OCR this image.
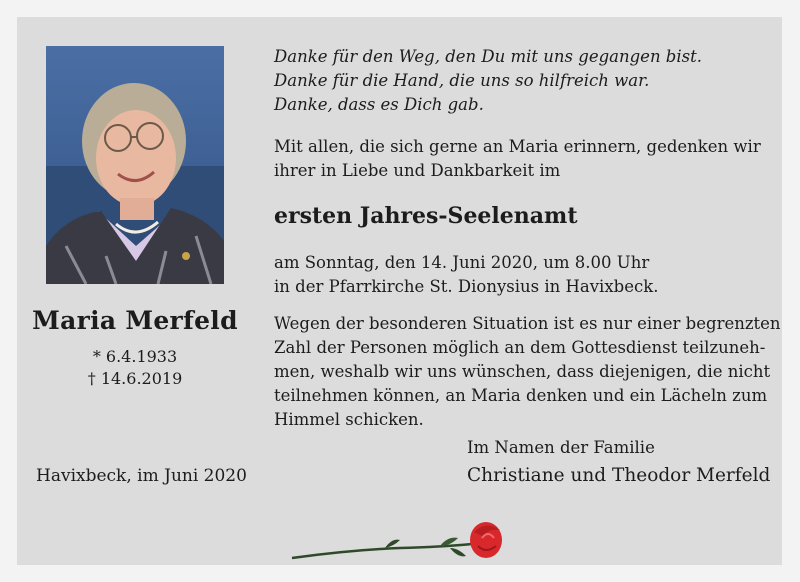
Maria Merfeld
* 6.4.1933
† 14.6.2019
Havixbeck, im Juni 2020
Danke für den Weg, den Du mit uns gegangen bist.
Danke für die Hand, die uns so hilfreich war.
Danke, dass es Dich gab.
Mit allen, die sich gerne an Maria erinnern, gedenken wir
ihrer in Liebe und Dankbarkeit im
ersten Jahres-Seelenamt
am Sonntag, den 14. Juni 2020, um 8.00 Uhr
in der Pfarrkirche St. Dionysius in Havixbeck.
Wegen der besonderen Situation ist es nur einer begrenzten
Zahl der Personen möglich an dem Gottesdienst teilzuneh-
men, weshalb wir uns wünschen, dass diejenigen, die nicht
teilnehmen können, an Maria denken und ein Lächeln zum
Himmel schicken.
Im Namen der Familie
Christiane und Theodor Merfeld
